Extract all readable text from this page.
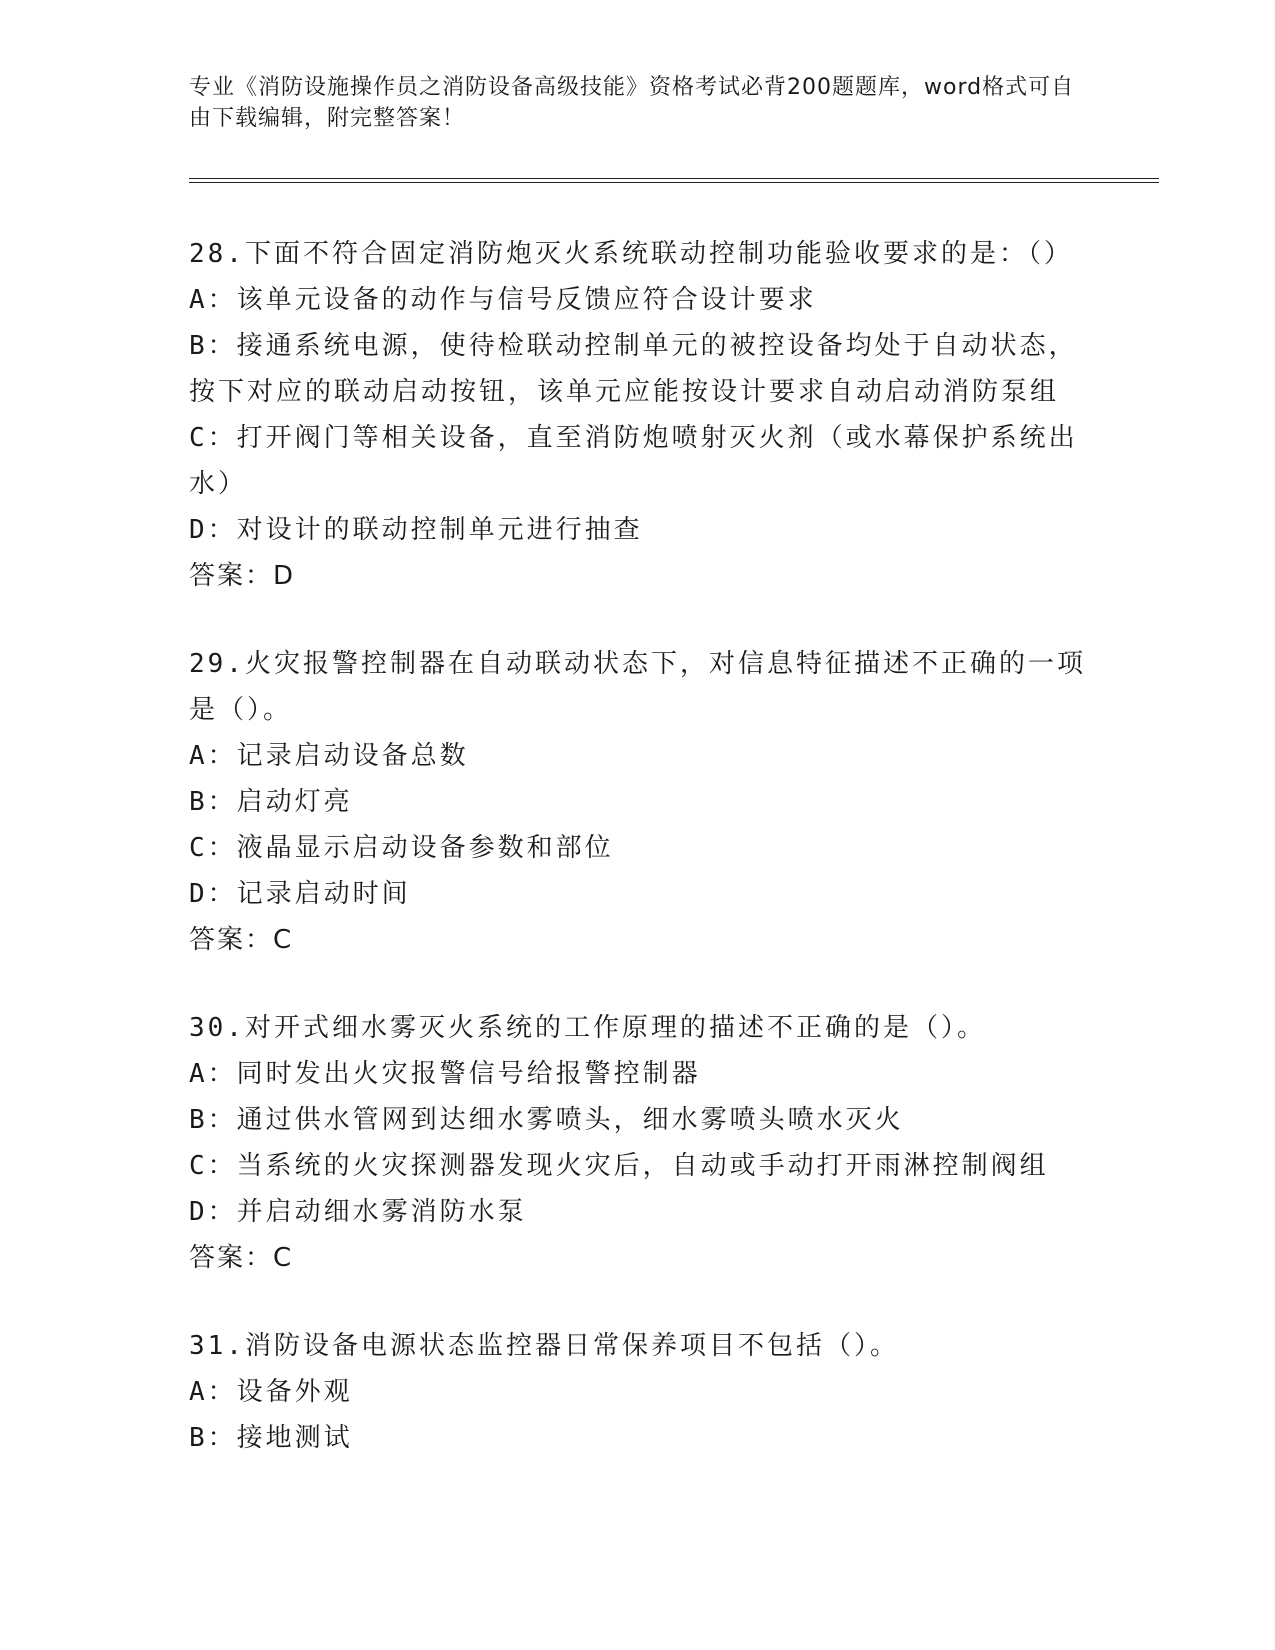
专业《消防设施操作员之消防设备高级技能》资格考试必背200题题库，word格式可自由下载编辑，附完整答案！
28.下面不符合固定消防炮灭火系统联动控制功能验收要求的是：（）
A：该单元设备的动作与信号反馈应符合设计要求
B：接通系统电源，使待检联动控制单元的被控设备均处于自动状态，按下对应的联动启动按钮，该单元应能按设计要求自动启动消防泵组
C：打开阀门等相关设备，直至消防炮喷射灭火剂（或水幕保护系统出水）
D：对设计的联动控制单元进行抽查
答案：D
29.火灾报警控制器在自动联动状态下，对信息特征描述不正确的一项是（）。
A：记录启动设备总数
B：启动灯亮
C：液晶显示启动设备参数和部位
D：记录启动时间
答案：C
30.对开式细水雾灭火系统的工作原理的描述不正确的是（）。
A：同时发出火灾报警信号给报警控制器
B：通过供水管网到达细水雾喷头，细水雾喷头喷水灭火
C：当系统的火灾探测器发现火灾后，自动或手动打开雨淋控制阀组
D：并启动细水雾消防水泵
答案：C
31.消防设备电源状态监控器日常保养项目不包括（）。
A：设备外观
B：接地测试
